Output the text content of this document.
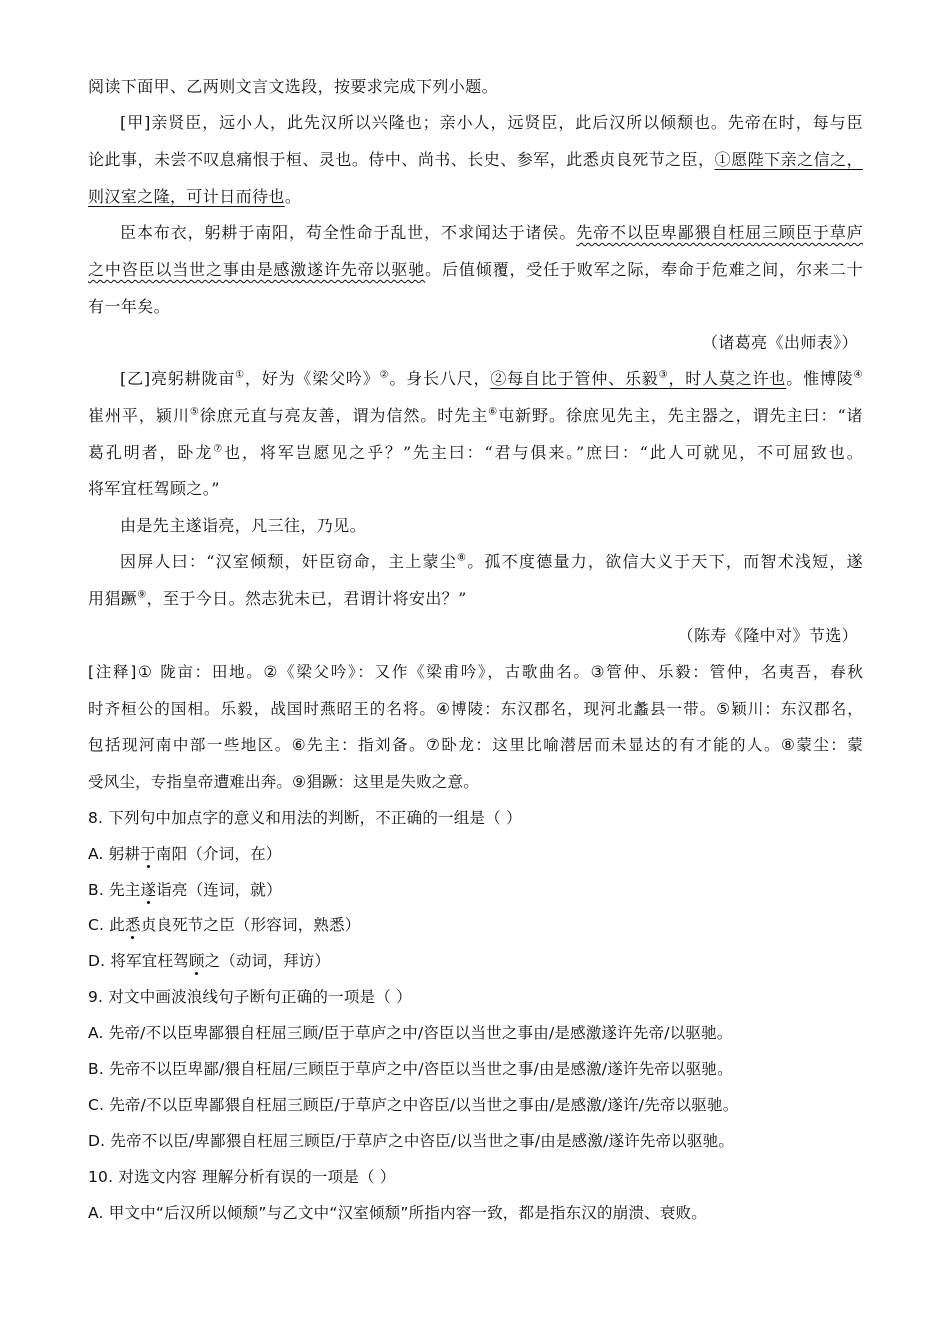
阅读下面甲、乙两则文言文选段，按要求完成下列小题。
[甲]亲贤臣，远小人，此先汉所以兴隆也；亲小人，远贤臣，此后汉所以倾颓也。先帝在时，每与臣
论此事，未尝不叹息痛恨于桓、灵也。侍中、尚书、长史、参军，此悉贞良死节之臣，①愿陛下亲之信之，
则汉室之隆，可计日而待也。
臣本布衣，躬耕于南阳，苟全性命于乱世，不求闻达于诸侯。先帝不以臣卑鄙猥自枉屈三顾臣于草庐
之中咨臣以当世之事由是感激遂许先帝以驱驰。后值倾覆，受任于败军之际，奉命于危难之间，尔来二十
有一年矣。
（诸葛亮《出师表》）
[乙]亮躬耕陇亩①，好为《梁父吟》②。身长八尺，②每自比于管仲、乐毅③，时人莫之许也。惟博陵④
崔州平，颍川⑤徐庶元直与亮友善，谓为信然。时先主⑥屯新野。徐庶见先主，先主器之，谓先主曰：“诸
葛孔明者，卧龙⑦也，将军岂愿见之乎？”先主曰：“君与俱来。”庶曰：“此人可就见，不可屈致也。
将军宜枉驾顾之。”
由是先主遂诣亮，凡三往，乃见。
因屏人曰：“汉室倾颓，奸臣窃命，主上蒙尘⑧。孤不度德量力，欲信大义于天下，而智术浅短，遂
用猖蹶⑨，至于今日。然志犹未已，君谓计将安出？”
（陈寿《隆中对》节选）
[注释]① 陇亩：田地。②《梁父吟》：又作《梁甫吟》，古歌曲名。③管仲、乐毅：管仲，名夷吾，春秋
时齐桓公的国相。乐毅，战国时燕昭王的名将。④博陵：东汉郡名，现河北蠡县一带。⑤颖川：东汉郡名，
包括现河南中部一些地区。⑥先主：指刘备。⑦卧龙：这里比喻潜居而未显达的有才能的人。⑧蒙尘：蒙
受风尘，专指皇帝遭难出奔。⑨猖蹶：这里是失败之意。
8. 下列句中加点字的意义和用法的判断，不正确的一组是（ ）
A. 躬耕于南阳（介词，在）
B. 先主遂诣亮（连词，就）
C. 此悉贞良死节之臣（形容词，熟悉）
D. 将军宜枉驾顾之（动词，拜访）
9. 对文中画波浪线句子断句正确的一项是（ ）
A. 先帝/不以臣卑鄙猥自枉屈三顾/臣于草庐之中/咨臣以当世之事由/是感激遂许先帝/以驱驰。
B. 先帝不以臣卑鄙/猥自枉屈/三顾臣于草庐之中/咨臣以当世之事/由是感激/遂许先帝以驱驰。
C. 先帝/不以臣卑鄙猥自枉屈三顾臣/于草庐之中咨臣/以当世之事由/是感激/遂许/先帝以驱驰。
D. 先帝不以臣/卑鄙猥自枉屈三顾臣/于草庐之中咨臣/以当世之事/由是感激/遂许先帝以驱驰。
10. 对选文内容 理解分析有误的一项是（ ）
A. 甲文中“后汉所以倾颓”与乙文中“汉室倾颓”所指内容一致，都是指东汉的崩溃、衰败。
